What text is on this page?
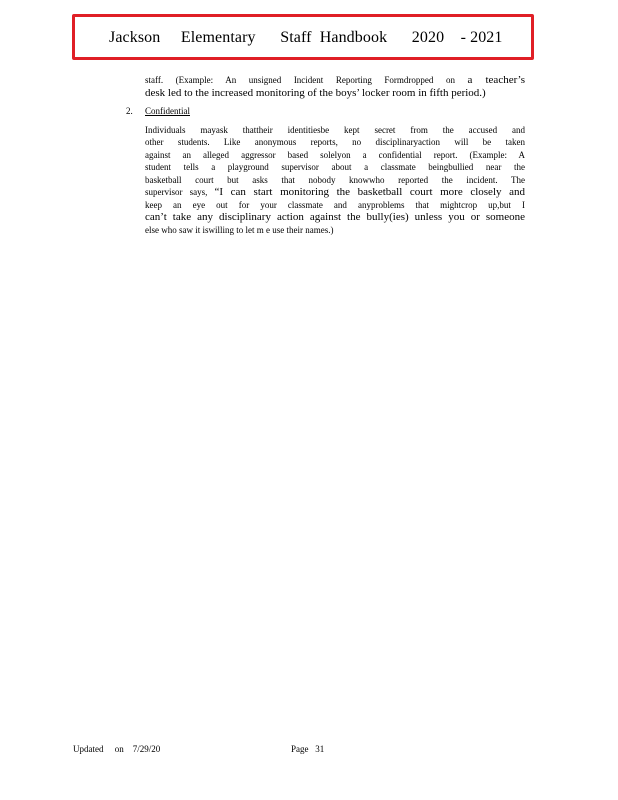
Jackson     Elementary      Staff  Handbook      2020    - 2021
staff. (Example: An unsigned Incident Reporting Formdropped on a teacher’s
desk led to the increased monitoring of the boys’ locker room in fifth period.)
2. Confidential
Individuals mayask thattheir identitiesbe kept secret from the accused and
other students. Like anonymous reports, no disciplinaryaction will be taken
against an alleged aggressor based solelyon a confidential report. (Example: A
student tells a playground supervisor about a classmate beingbullied near the
basketball court but asks that nobody knowwho reported the incident. The
supervisor says, “I can start monitoring the basketball court more closely and
keep an eye out for your classmate and anyproblems that mightcrop up,but I
can’t take any disciplinary action against the bully(ies) unless you or someone
else who saw it iswilling to let m e use their names.)
Updated     on    7/29/20	Page   31
